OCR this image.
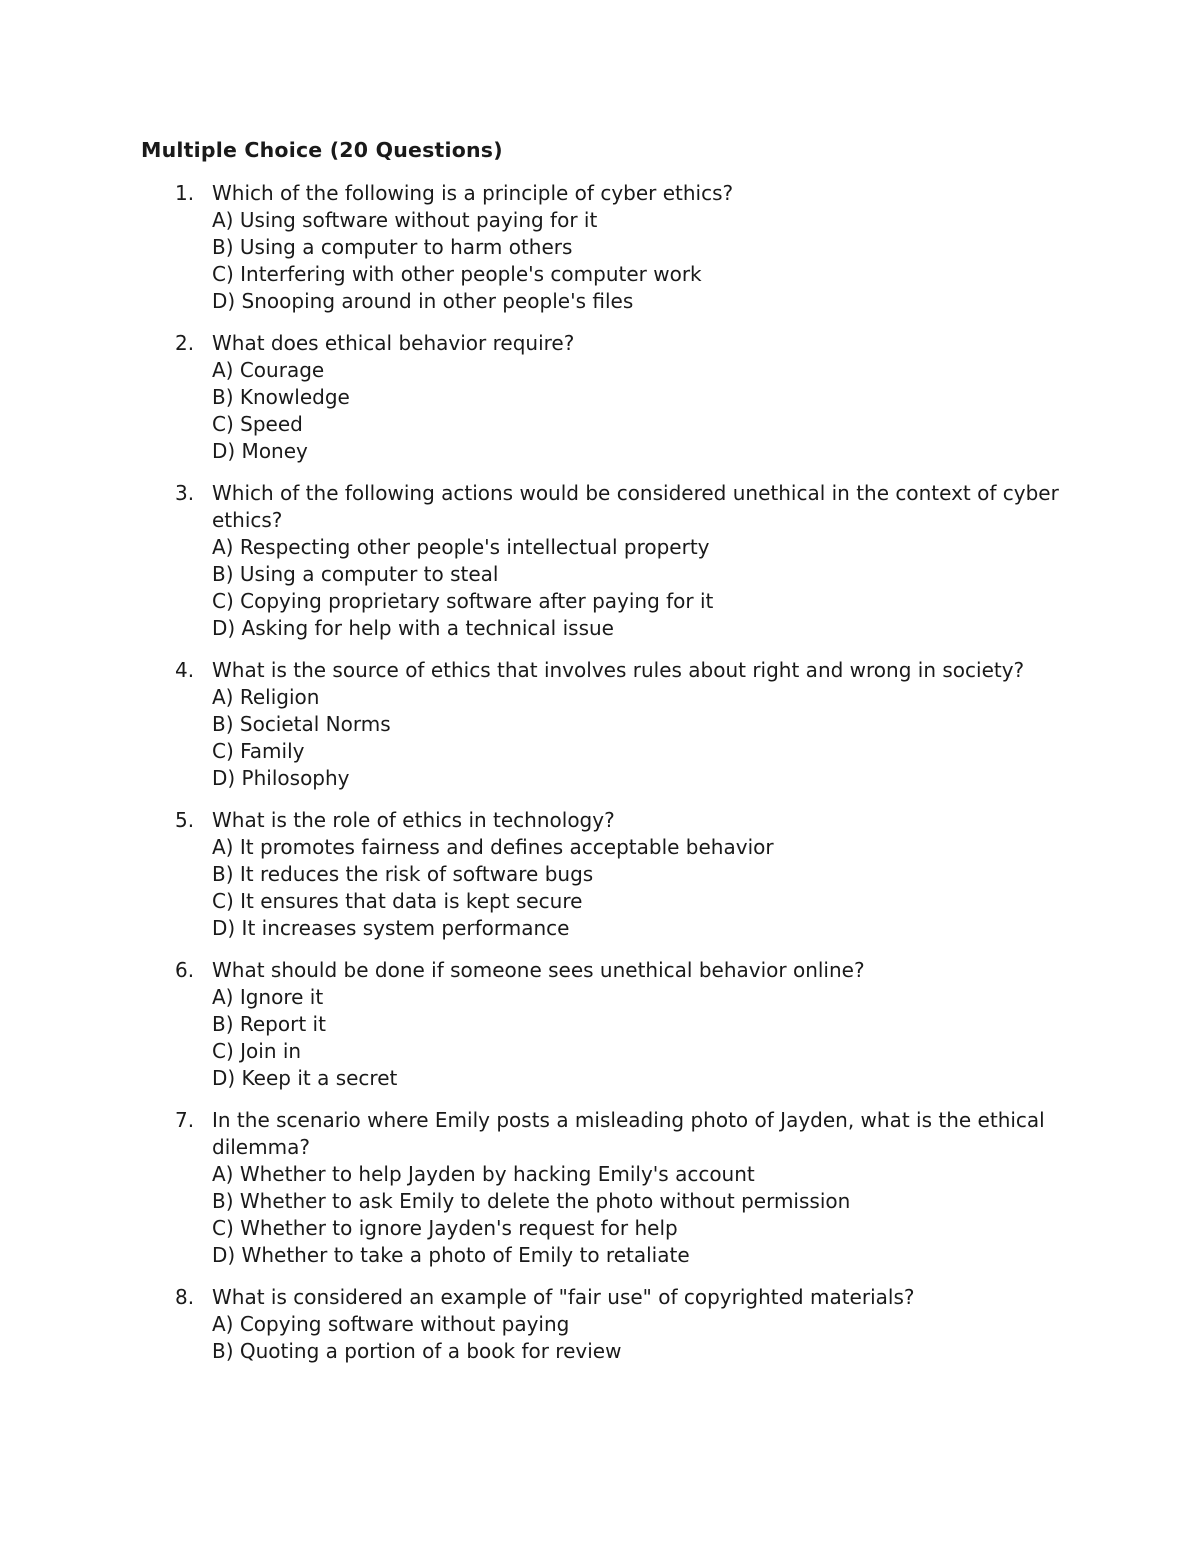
Multiple Choice (20 Questions)
1. Which of the following is a principle of cyber ethics?
A) Using software without paying for it
B) Using a computer to harm others
C) Interfering with other people's computer work
D) Snooping around in other people's files
2. What does ethical behavior require?
A) Courage
B) Knowledge
C) Speed
D) Money
3. Which of the following actions would be considered unethical in the context of cyber ethics?
A) Respecting other people's intellectual property
B) Using a computer to steal
C) Copying proprietary software after paying for it
D) Asking for help with a technical issue
4. What is the source of ethics that involves rules about right and wrong in society?
A) Religion
B) Societal Norms
C) Family
D) Philosophy
5. What is the role of ethics in technology?
A) It promotes fairness and defines acceptable behavior
B) It reduces the risk of software bugs
C) It ensures that data is kept secure
D) It increases system performance
6. What should be done if someone sees unethical behavior online?
A) Ignore it
B) Report it
C) Join in
D) Keep it a secret
7. In the scenario where Emily posts a misleading photo of Jayden, what is the ethical dilemma?
A) Whether to help Jayden by hacking Emily's account
B) Whether to ask Emily to delete the photo without permission
C) Whether to ignore Jayden's request for help
D) Whether to take a photo of Emily to retaliate
8. What is considered an example of "fair use" of copyrighted materials?
A) Copying software without paying
B) Quoting a portion of a book for review
